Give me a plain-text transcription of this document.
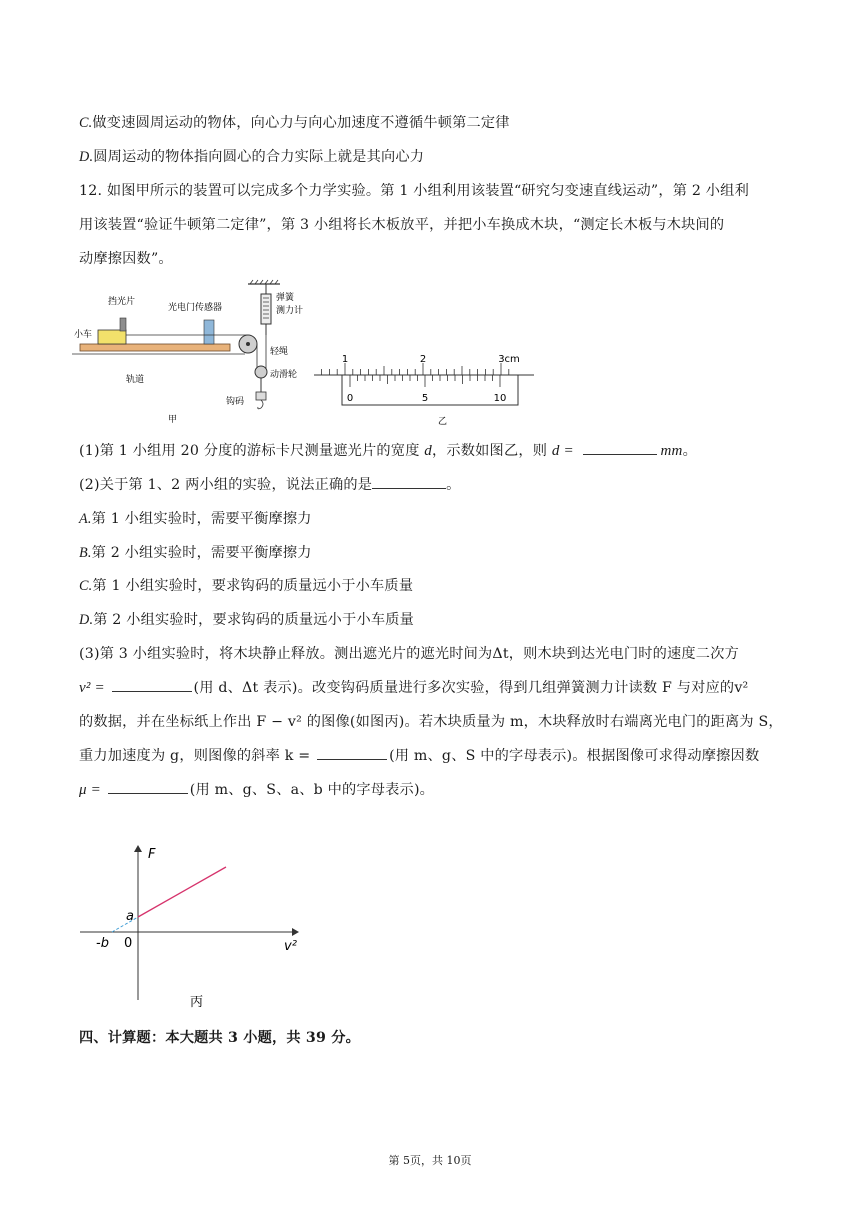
C.做变速圆周运动的物体，向心力与向心加速度不遵循牛顿第二定律
D.圆周运动的物体指向圆心的合力实际上就是其向心力
12. 如图甲所示的装置可以完成多个力学实验。第 1 小组利用该装置“研究匀变速直线运动”，第 2 小组利
用该装置“验证牛顿第二定律”，第 3 小组将长木板放平，并把小车换成木块，“测定长木板与木块间的
动摩擦因数”。
挡光片
光电门传感器
小车
轨道
弹簧
测力计
轻绳
动滑轮
钩码
甲
1	2	3cm
0	5	10
乙
(1)第 1 小组用 20 分度的游标卡尺测量遮光片的宽度 d，示数如图乙，则 d =	mm。
(2)关于第 1、2 两小组的实验，说法正确的是	。
A.第 1 小组实验时，需要平衡摩擦力
B.第 2 小组实验时，需要平衡摩擦力
C.第 1 小组实验时，要求钩码的质量远小于小车质量
D.第 2 小组实验时，要求钩码的质量远小于小车质量
(3)第 3 小组实验时，将木块静止释放。测出遮光片的遮光时间为Δt，则木块到达光电门时的速度二次方
v² =	(用 d、Δt 表示)。改变钩码质量进行多次实验，得到几组弹簧测力计读数 F 与对应的v²
的数据，并在坐标纸上作出 F − v² 的图像(如图丙)。若木块质量为 m，木块释放时右端离光电门的距离为 S，
重力加速度为 g，则图像的斜率 k =	(用 m、g、S 中的字母表示)。根据图像可求得动摩擦因数
μ =	(用 m、g、S、a、b 中的字母表示)。
F
v²
a
-b 0
丙
四、计算题：本大题共 3 小题，共 39 分。
第 5页，共 10页
